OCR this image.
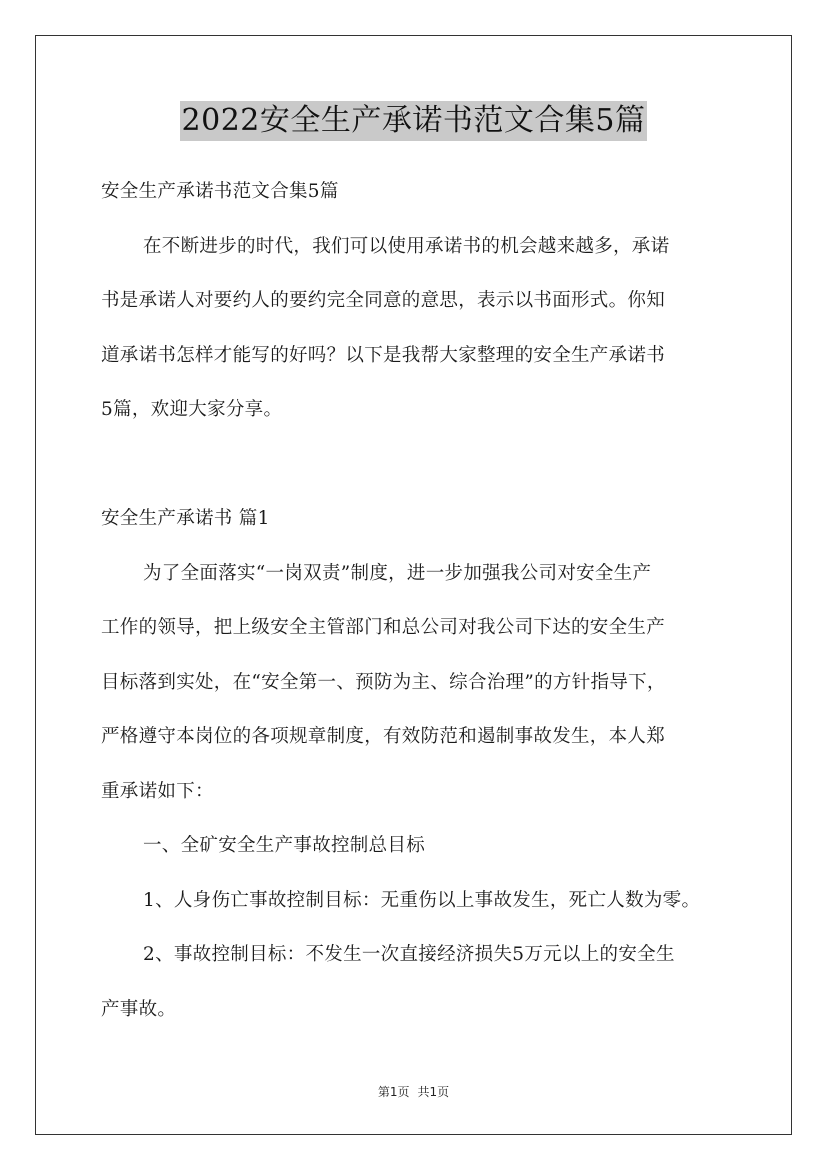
2022安全生产承诺书范文合集5篇
安全生产承诺书范文合集5篇
在不断进步的时代，我们可以使用承诺书的机会越来越多，承诺
书是承诺人对要约人的要约完全同意的意思，表示以书面形式。你知
道承诺书怎样才能写的好吗？以下是我帮大家整理的安全生产承诺书
5篇，欢迎大家分享。
安全生产承诺书 篇1
为了全面落实“一岗双责”制度，进一步加强我公司对安全生产
工作的领导，把上级安全主管部门和总公司对我公司下达的安全生产
目标落到实处，在“安全第一、预防为主、综合治理”的方针指导下，
严格遵守本岗位的各项规章制度，有效防范和遏制事故发生，本人郑
重承诺如下：
一、全矿安全生产事故控制总目标
1、人身伤亡事故控制目标：无重伤以上事故发生，死亡人数为零。
2、事故控制目标：不发生一次直接经济损失5万元以上的安全生
产事故。
第1页 共1页
